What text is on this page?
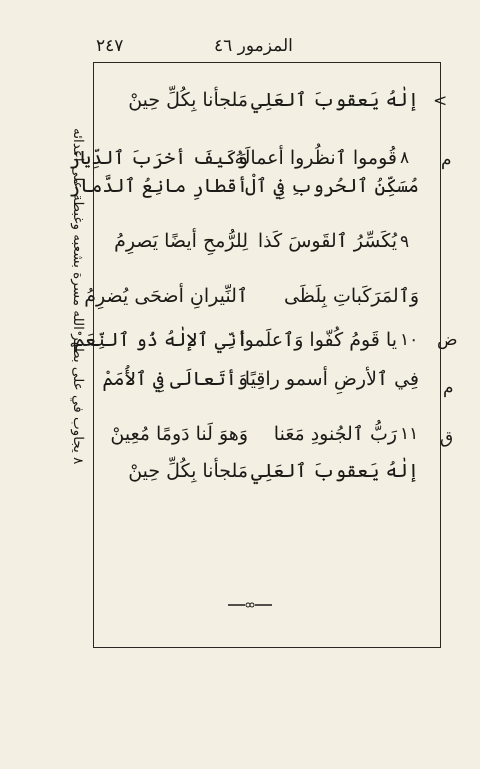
٢٤٧	المزمور ٤٦
٨ يجاوب في على بطهر الله مسرة بشعبه وغبطة على اعدائه
<
إلٰهُ يَعقوبَ ٱلعَلِي
مَلجأنا بِكُلِّ حِينْ
م
٨
قُوموا ٱنظُروا أعمالَهُ
وَكَيفَ أخرَبَ ٱلدِّيارْ
مُسَكِّنُ ٱلحُروبِ فِي ٱلْ
أقطارِ مانِعُ ٱلدَّمارْ
٩
يُكَسِّرُ ٱلقَوسَ كَذا
لِلرُّمحِ أيضًا يَصرِمُ
وَٱلمَرَكَباتِ بِلَظَى
ٱلنِّيرانِ أضحَى يُضرِمُ
ض
١٠
يا قَومُ كُفّوا وَٱعلَموا
أنِّي ٱلإلٰهُ ذُو ٱلنِّعَمْ
م
فِي ٱلأرضِ أسمو راقِيًا
وَأتَعالَى فِي ٱلأُمَمْ
ق
١١
رَبُّ ٱلجُنودِ مَعَنا
وَهوَ لَنا دَومًا مُعِينْ
إلٰهُ يَعقوبَ ٱلعَلِي
مَلجأنا بِكُلِّ حِينْ
